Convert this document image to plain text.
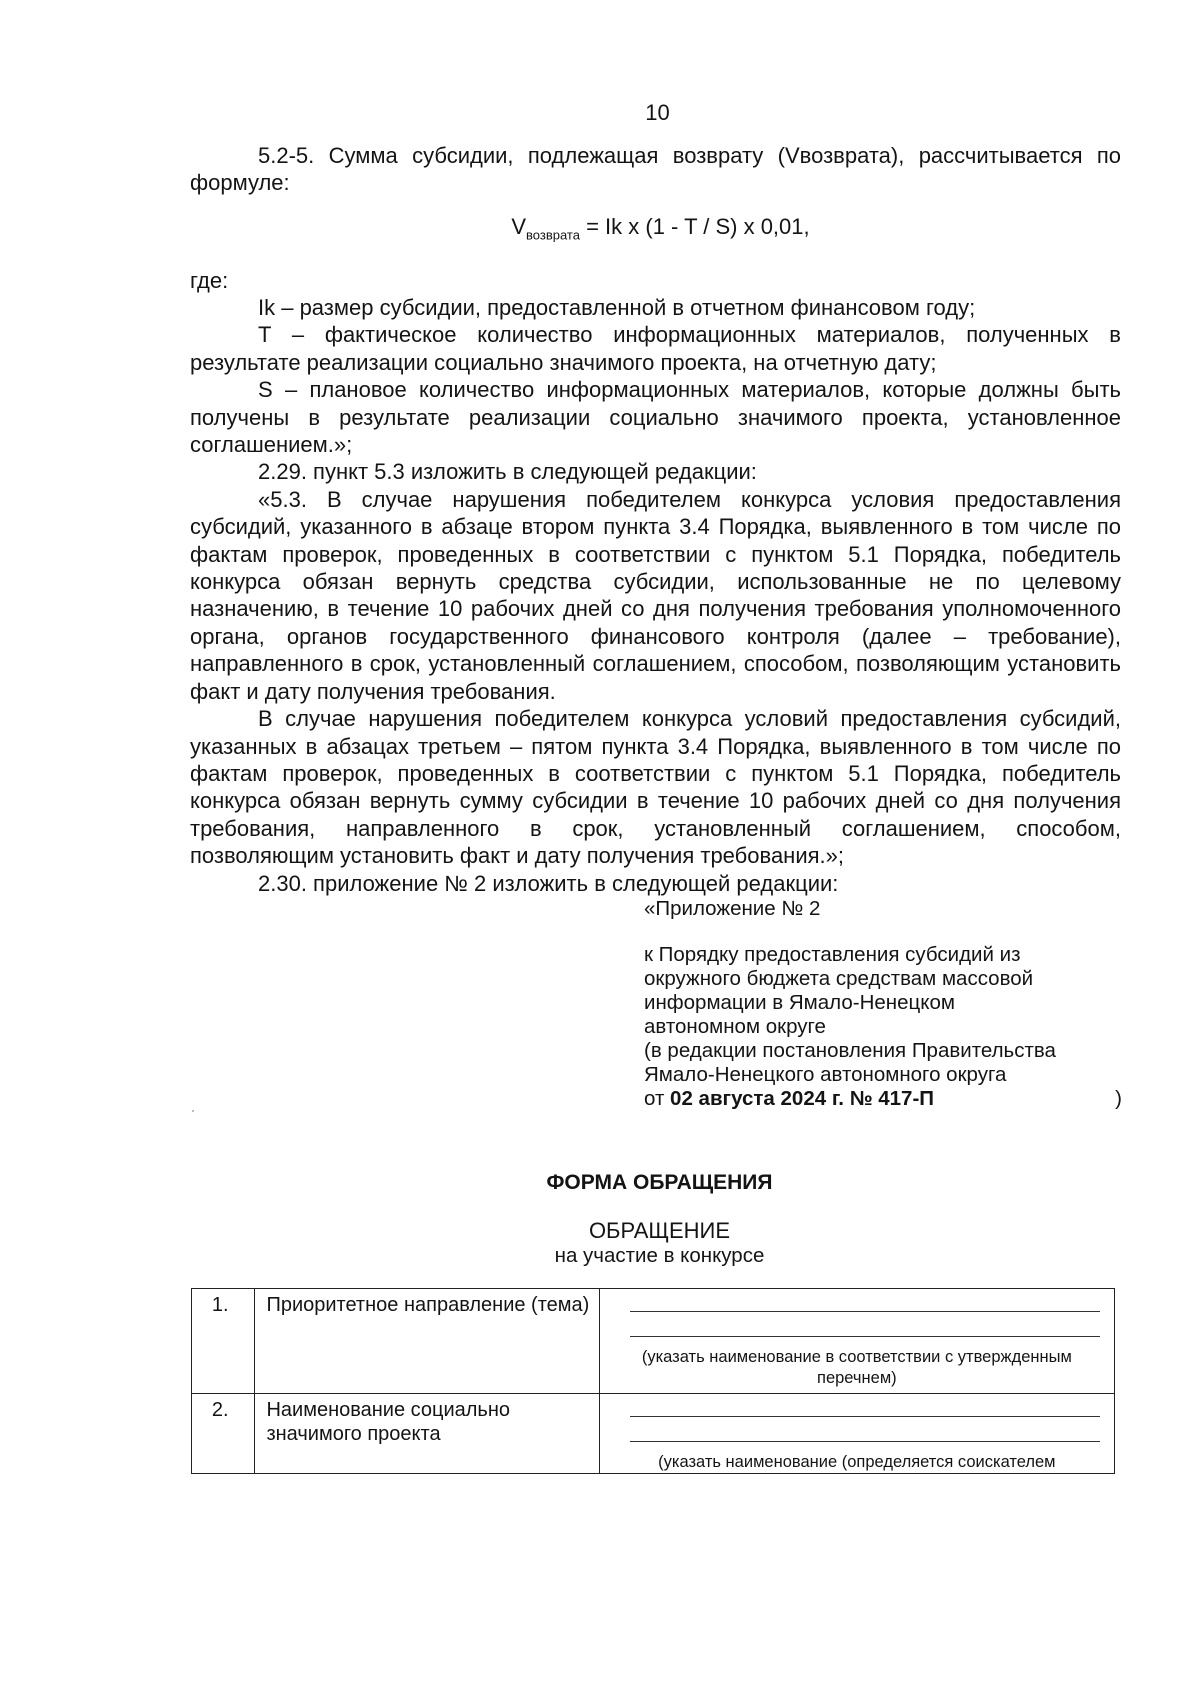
10

5.2-5. Сумма субсидии, подлежащая возврату (Vвозврата), рассчитывается по формуле:

$V_{возврата} = Ik$ x (1 - T / S) x 0,01,

где:

Ik – размер субсидии, предоставленной в отчетном финансовом году;

T – фактическое количество информационных материалов, полученных в результате реализации социально значимого проекта, на отчетную дату;

S – плановое количество информационных материалов, которые должны быть получены в результате реализации социально значимого проекта, установленное соглашением.»;

2.29. пункт 5.3 изложить в следующей редакции:

«5.3. В случае нарушения победителем конкурса условия предоставления субсидий, указанного в абзаце втором пункта 3.4 Порядка, выявленного в том числе по фактам проверок, проведенных в соответствии с пунктом 5.1 Порядка, победитель конкурса обязан вернуть средства субсидии, использованные не по целевому назначению, в течение 10 рабочих дней со дня получения требования уполномоченного органа, органов государственного финансового контроля (далее – требование), направленного в срок, установленный соглашением, способом, позволяющим установить факт и дату получения требования.

В случае нарушения победителем конкурса условий предоставления субсидий, указанных в абзацах третьем – пятом пункта 3.4 Порядка, выявленного в том числе по фактам проверок, проведенных в соответствии с пунктом 5.1 Порядка, победитель конкурса обязан вернуть сумму субсидии в течение 10 рабочих дней со дня получения требования, направленного в срок, установленный соглашением, способом, позволяющим установить факт и дату получения требования.»;

2.30. приложение № 2 изложить в следующей редакции:

«Приложение № 2
к Порядку предоставления субсидий из
окружного бюджета средствам массовой
информации в Ямало-Ненецком
автономном округе
(в редакции постановления Правительства
Ямало-Ненецкого автономного округа
от 02 августа 2024 г. № 417-П	)
ФОРМА ОБРАЩЕНИЯ
ОБРАЩЕНИЕ
на участие в конкурсе
1.	Приоритетное направление (тема)	(указать наименование в соответствии с утвержденным перечнем)

2.	Наименование социально значимого проекта	(указать наименование (определяется соискателем
